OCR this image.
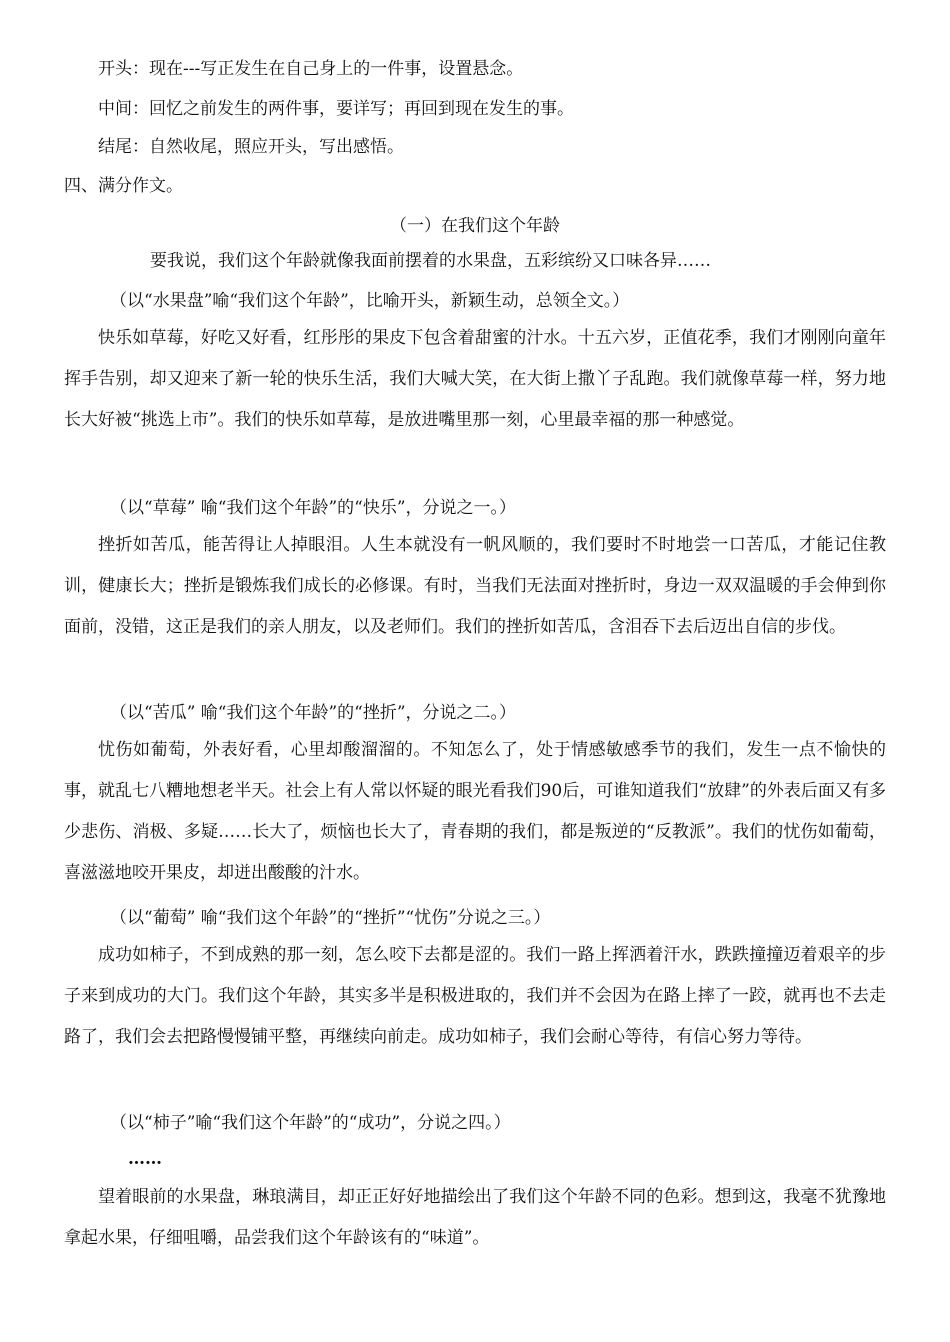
开头：现在---写正发生在自己身上的一件事，设置悬念。
中间：回忆之前发生的两件事，要详写；再回到现在发生的事。
结尾：自然收尾，照应开头，写出感悟。
四、满分作文。
（一）在我们这个年龄
要我说，我们这个年龄就像我面前摆着的水果盘，五彩缤纷又口味各异……
（以“水果盘”喻“我们这个年龄”，比喻开头，新颖生动，总领全文。）
快乐如草莓，好吃又好看，红彤彤的果皮下包含着甜蜜的汁水。十五六岁，正值花季，我们才刚刚向童年挥手告别，却又迎来了新一轮的快乐生活，我们大喊大笑，在大街上撒丫子乱跑。我们就像草莓一样，努力地长大好被“挑选上市”。我们的快乐如草莓，是放进嘴里那一刻，心里最幸福的那一种感觉。
（以“草莓” 喻“我们这个年龄”的“快乐”，分说之一。）
挫折如苦瓜，能苦得让人掉眼泪。人生本就没有一帆风顺的，我们要时不时地尝一口苦瓜，才能记住教训，健康长大；挫折是锻炼我们成长的必修课。有时，当我们无法面对挫折时，身边一双双温暖的手会伸到你面前，没错，这正是我们的亲人朋友，以及老师们。我们的挫折如苦瓜，含泪吞下去后迈出自信的步伐。
（以“苦瓜” 喻“我们这个年龄”的“挫折”，分说之二。）
忧伤如葡萄，外表好看，心里却酸溜溜的。不知怎么了，处于情感敏感季节的我们，发生一点不愉快的事，就乱七八糟地想老半天。社会上有人常以怀疑的眼光看我们90后，可谁知道我们“放肆”的外表后面又有多少悲伤、消极、多疑……长大了，烦恼也长大了，青春期的我们，都是叛逆的“反教派”。我们的忧伤如葡萄，喜滋滋地咬开果皮，却迸出酸酸的汁水。
（以“葡萄” 喻“我们这个年龄”的“挫折”“忧伤”分说之三。）
成功如柿子，不到成熟的那一刻，怎么咬下去都是涩的。我们一路上挥洒着汗水，跌跌撞撞迈着艰辛的步子来到成功的大门。我们这个年龄，其实多半是积极进取的，我们并不会因为在路上摔了一跤，就再也不去走路了，我们会去把路慢慢铺平整，再继续向前走。成功如柿子，我们会耐心等待，有信心努力等待。
（以“柿子”喻“我们这个年龄”的“成功”，分说之四。）
……
望着眼前的水果盘，琳琅满目，却正正好好地描绘出了我们这个年龄不同的色彩。想到这，我毫不犹豫地拿起水果，仔细咀嚼，品尝我们这个年龄该有的“味道”。
